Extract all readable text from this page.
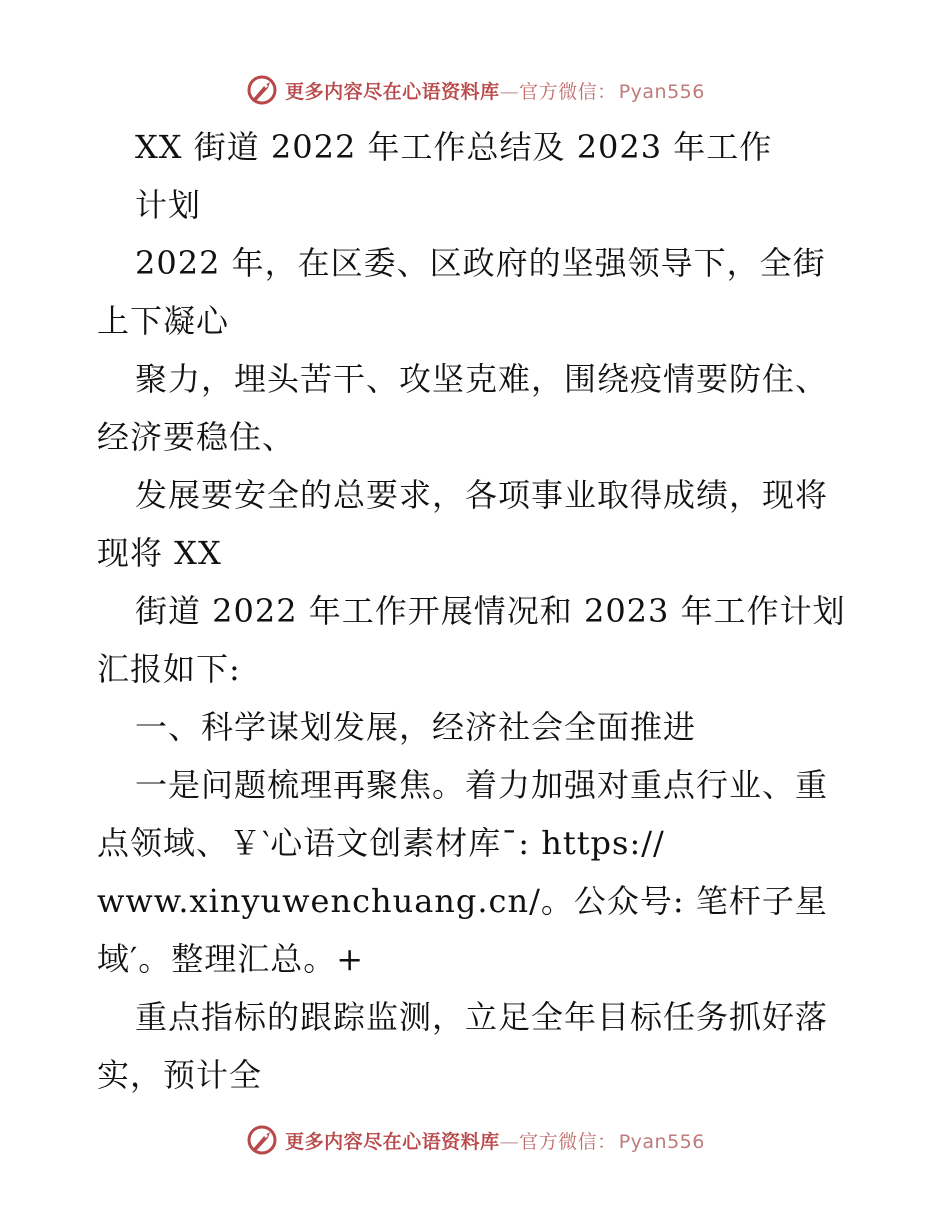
更多内容尽在心语资料库—官方微信： Pyan556
XX 街道 2022 年工作总结及 2023 年工作
计划
2022 年，在区委、区政府的坚强领导下，全街
上下凝心
聚力，埋头苦干、攻坚克难，围绕疫情要防住、
经济要稳住、
发展要安全的总要求，各项事业取得成绩，现将
现将 XX
街道 2022 年工作开展情况和 2023 年工作计划
汇报如下:
一、科学谋划发展，经济社会全面推进
一是问题梳理再聚焦。着力加强对重点行业、重
点领域、￥‵心语文创素材库¯: https://
www.xinyuwenchuang.cn/。公众号: 笔杆子星
域′。整理汇总。+
重点指标的跟踪监测，立足全年目标任务抓好落
实，预计全
更多内容尽在心语资料库—官方微信： Pyan556
